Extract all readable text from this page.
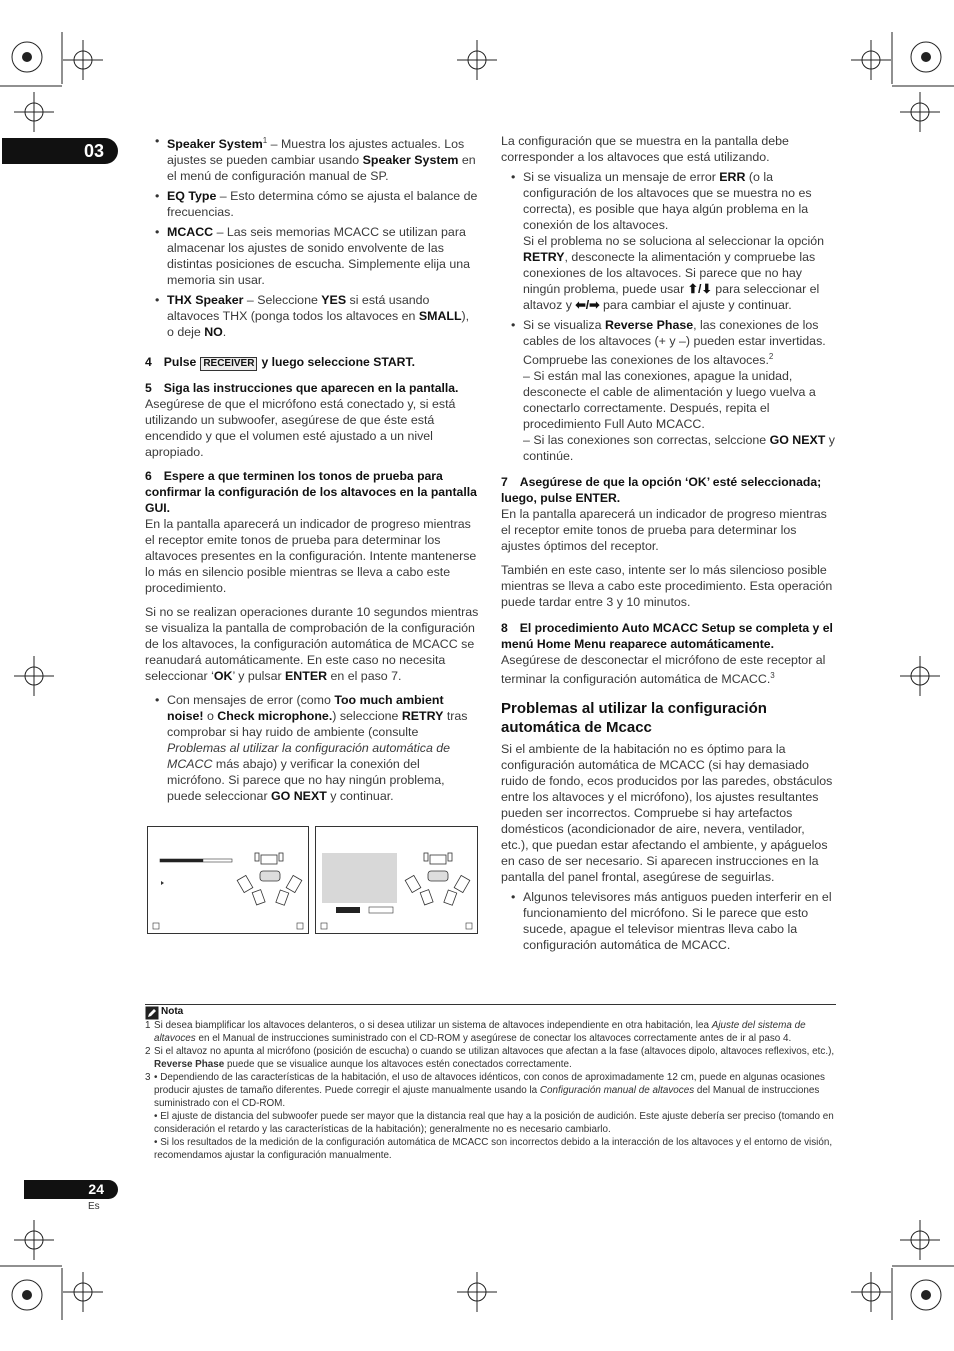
03
•	Speaker System$^1$ – Muestra los ajustes actuales. Los ajustes se pueden cambiar usando Speaker System en el menú de configuración manual de SP.
• EQ Type – Esto determina cómo se ajusta el balance de frecuencias.
• MCACC – Las seis memorias MCACC se utilizan para almacenar los ajustes de sonido envolvente de las distintas posiciones de escucha. Simplemente elija una memoria sin usar.
• THX Speaker – Seleccione YES si está usando altavoces THX (ponga todos los altavoces en SMALL), o deje NO.
4 Pulse RECEIVER y luego seleccione START.
5 Siga las instrucciones que aparecen en la pantalla.

Asegúrese de que el micrófono está conectado y, si está utilizando un subwoofer, asegúrese de que éste está encendido y que el volumen esté ajustado a un nivel apropiado.

6 Espere a que terminen los tonos de prueba para confirmar la configuración de los altavoces en la pantalla GUI.

En la pantalla aparecerá un indicador de progreso mientras el receptor emite tonos de prueba para determinar los altavoces presentes en la configuración. Intente mantenerse lo más en silencio posible mientras se lleva a cabo este procedimiento.

Si no se realizan operaciones durante 10 segundos mientras se visualiza la pantalla de comprobación de la configuración de los altavoces, la configuración automática de MCACC se reanudará automáticamente. En este caso no necesita seleccionar ‘OK’ y pulsar ENTER en el paso 7.

• Con mensajes de error (como Too much ambient noise! o Check microphone.) seleccione RETRY tras comprobar si hay ruido de ambiente (consulte Problemas al utilizar la configuración automática de MCACC más abajo) y verificar la conexión del micrófono. Si parece que no hay ningún problema, puede seleccionar GO NEXT y continuar.

La configuración que se muestra en la pantalla debe corresponder a los altavoces que está utilizando.

• Si se visualiza un mensaje de error ERR (o la configuración de los altavoces que se muestra no es correcta), es posible que haya algún problema en la conexión de los altavoces.
Si el problema no se soluciona al seleccionar la opción RETRY, desconecte la alimentación y compruebe las conexiones de los altavoces. Si parece que no hay ningún problema, puede usar ⬆/⬇ para seleccionar el altavoz y ⬅/➡ para cambiar el ajuste y continuar.
• Si se visualiza Reverse Phase, las conexiones de los cables de los altavoces (+ y –) pueden estar invertidas. Compruebe las conexiones de los altavoces.$^2$
– Si están mal las conexiones, apague la unidad, desconecte el cable de alimentación y luego vuelva a conectarlo correctamente. Después, repita el procedimiento Full Auto MCACC.
– Si las conexiones son correctas, selccione GO NEXT y continúe.
7 Asegúrese de que la opción ‘OK’ esté seleccionada; luego, pulse ENTER.

En la pantalla aparecerá un indicador de progreso mientras el receptor emite tonos de prueba para determinar los ajustes óptimos del receptor.

También en este caso, intente ser lo más silencioso posible mientras se lleva a cabo este procedimiento. Esta operación puede tardar entre 3 y 10 minutos.

8 El procedimiento Auto MCACC Setup se completa y el menú Home Menu reaparece automáticamente.

Asegúrese de desconectar el micrófono de este receptor al terminar la configuración automática de MCACC.$^3$

Problemas al utilizar la configuración automática de Mcacc

Si el ambiente de la habitación no es óptimo para la configuración automática de MCACC (si hay demasiado ruido de fondo, ecos producidos por las paredes, obstáculos entre los altavoces y el micrófono), los ajustes resultantes pueden ser incorrectos. Compruebe si hay artefactos domésticos (acondicionador de aire, nevera, ventilador, etc.), que puedan estar afectando el ambiente, y apáguelos en caso de ser necesario. Si aparecen instrucciones en la pantalla del panel frontal, asegúrese de seguirlas.

• Algunos televisores más antiguos pueden interferir en el funcionamiento del micrófono. Si le parece que esto sucede, apague el televisor mientras lleva cabo la configuración automática de MCACC.
Nota
1 Si desea biamplificar los altavoces delanteros, o si desea utilizar un sistema de altavoces independiente en otra habitación, lea Ajuste del sistema de altavoces en el Manual de instrucciones suministrado con el CD-ROM y asegúrese de conectar los altavoces correctamente antes de ir al paso 4.
2 Si el altavoz no apunta al micrófono (posición de escucha) o cuando se utilizan altavoces que afectan a la fase (altavoces dipolo, altavoces reflexivos, etc.), Reverse Phase puede que se visualice aunque los altavoces estén conectados correctamente.
3 • Dependiendo de las características de la habitación, el uso de altavoces idénticos, con conos de aproximadamente 12 cm, puede en algunas ocasiones producir ajustes de tamaño diferentes. Puede corregir el ajuste manualmente usando la Configuración manual de altavoces del Manual de instrucciones suministrado con el CD-ROM.
• El ajuste de distancia del subwoofer puede ser mayor que la distancia real que hay a la posición de audición. Este ajuste debería ser preciso (tomando en consideración el retardo y las características de la habitación); generalmente no es necesario cambiarlo.
• Si los resultados de la medición de la configuración automática de MCACC son incorrectos debido a la interacción de los altavoces y el entorno de visión, recomendamos ajustar la configuración manualmente.
24
Es
